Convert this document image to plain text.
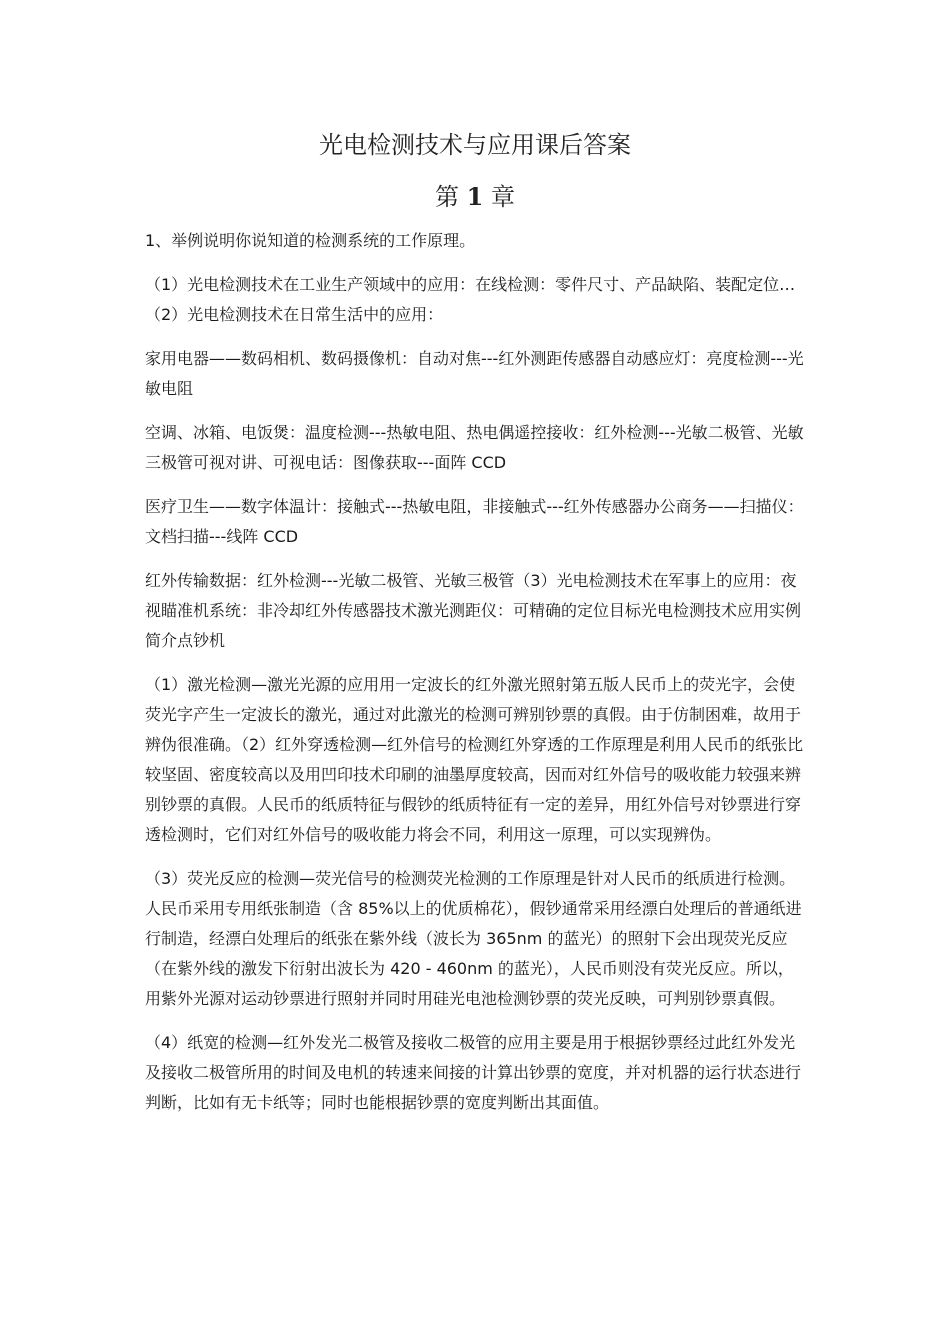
光电检测技术与应用课后答案
第 1 章

1、举例说明你说知道的检测系统的工作原理。

（1）光电检测技术在工业生产领域中的应用：在线检测：零件尺寸、产品缺陷、装配定位…（2）光电检测技术在日常生活中的应用：

家用电器——数码相机、数码摄像机：自动对焦---红外测距传感器自动感应灯：亮度检测---光敏电阻

空调、冰箱、电饭煲：温度检测---热敏电阻、热电偶遥控接收：红外检测---光敏二极管、光敏三极管可视对讲、可视电话：图像获取---面阵 CCD

医疗卫生——数字体温计：接触式---热敏电阻，非接触式---红外传感器办公商务——扫描仪：文档扫描---线阵 CCD

红外传输数据：红外检测---光敏二极管、光敏三极管（3）光电检测技术在军事上的应用：夜视瞄准机系统：非冷却红外传感器技术激光测距仪：可精确的定位目标光电检测技术应用实例简介点钞机

（1）激光检测—激光光源的应用用一定波长的红外激光照射第五版人民币上的荧光字，会使荧光字产生一定波长的激光，通过对此激光的检测可辨别钞票的真假。由于仿制困难，故用于辨伪很准确。（2）红外穿透检测—红外信号的检测红外穿透的工作原理是利用人民币的纸张比较坚固、密度较高以及用凹印技术印刷的油墨厚度较高，因而对红外信号的吸收能力较强来辨别钞票的真假。人民币的纸质特征与假钞的纸质特征有一定的差异，用红外信号对钞票进行穿透检测时，它们对红外信号的吸收能力将会不同，利用这一原理，可以实现辨伪。

（3）荧光反应的检测—荧光信号的检测荧光检测的工作原理是针对人民币的纸质进行检测。人民币采用专用纸张制造（含 85%以上的优质棉花），假钞通常采用经漂白处理后的普通纸进行制造，经漂白处理后的纸张在紫外线（波长为 365nm 的蓝光）的照射下会出现荧光反应（在紫外线的激发下衍射出波长为 420 - 460nm 的蓝光），人民币则没有荧光反应。所以，用紫外光源对运动钞票进行照射并同时用硅光电池检测钞票的荧光反映，可判别钞票真假。

（4）纸宽的检测—红外发光二极管及接收二极管的应用主要是用于根据钞票经过此红外发光及接收二极管所用的时间及电机的转速来间接的计算出钞票的宽度，并对机器的运行状态进行判断，比如有无卡纸等；同时也能根据钞票的宽度判断出其面值。
